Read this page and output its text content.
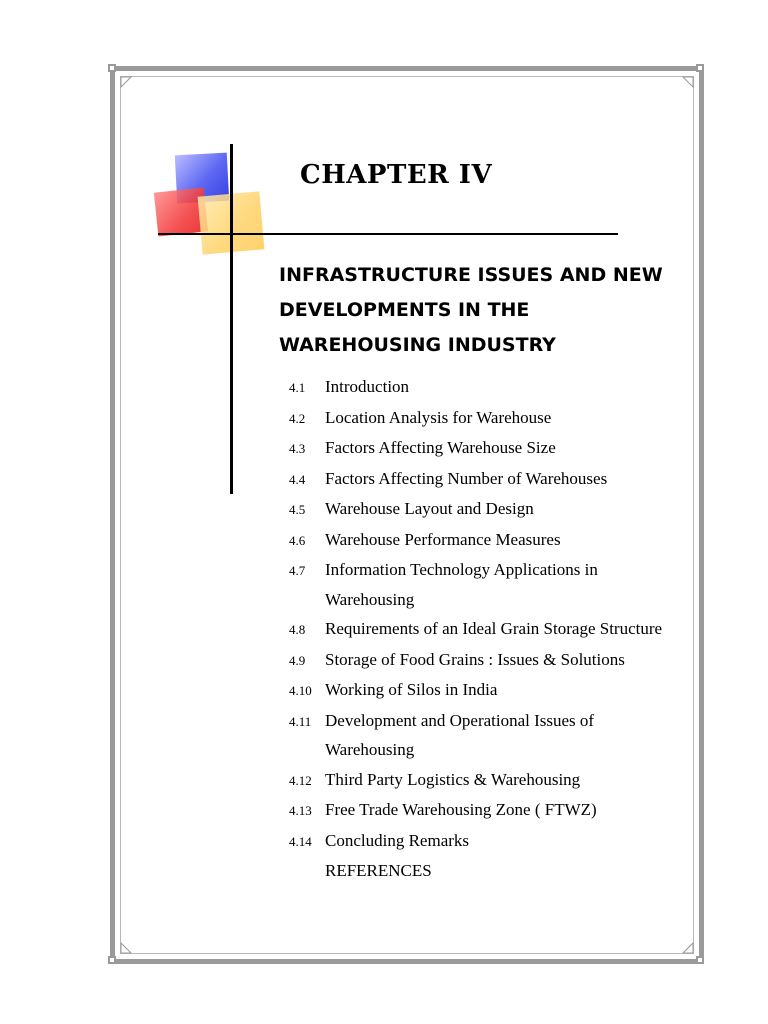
CHAPTER IV
INFRASTRUCTURE ISSUES AND NEW DEVELOPMENTS IN THE WAREHOUSING INDUSTRY
4.1	Introduction
4.2	Location Analysis for Warehouse
4.3	Factors Affecting Warehouse Size
4.4	Factors Affecting Number of Warehouses
4.5	Warehouse Layout and Design
4.6	Warehouse Performance Measures
4.7	Information Technology Applications in Warehousing
4.8	Requirements of an Ideal Grain Storage Structure
4.9	Storage of Food Grains : Issues & Solutions
4.10 Working of Silos in India
4.11 Development and Operational Issues of Warehousing
4.12 Third Party Logistics & Warehousing
4.13 Free Trade Warehousing Zone ( FTWZ)
4.14 Concluding Remarks
REFERENCES
